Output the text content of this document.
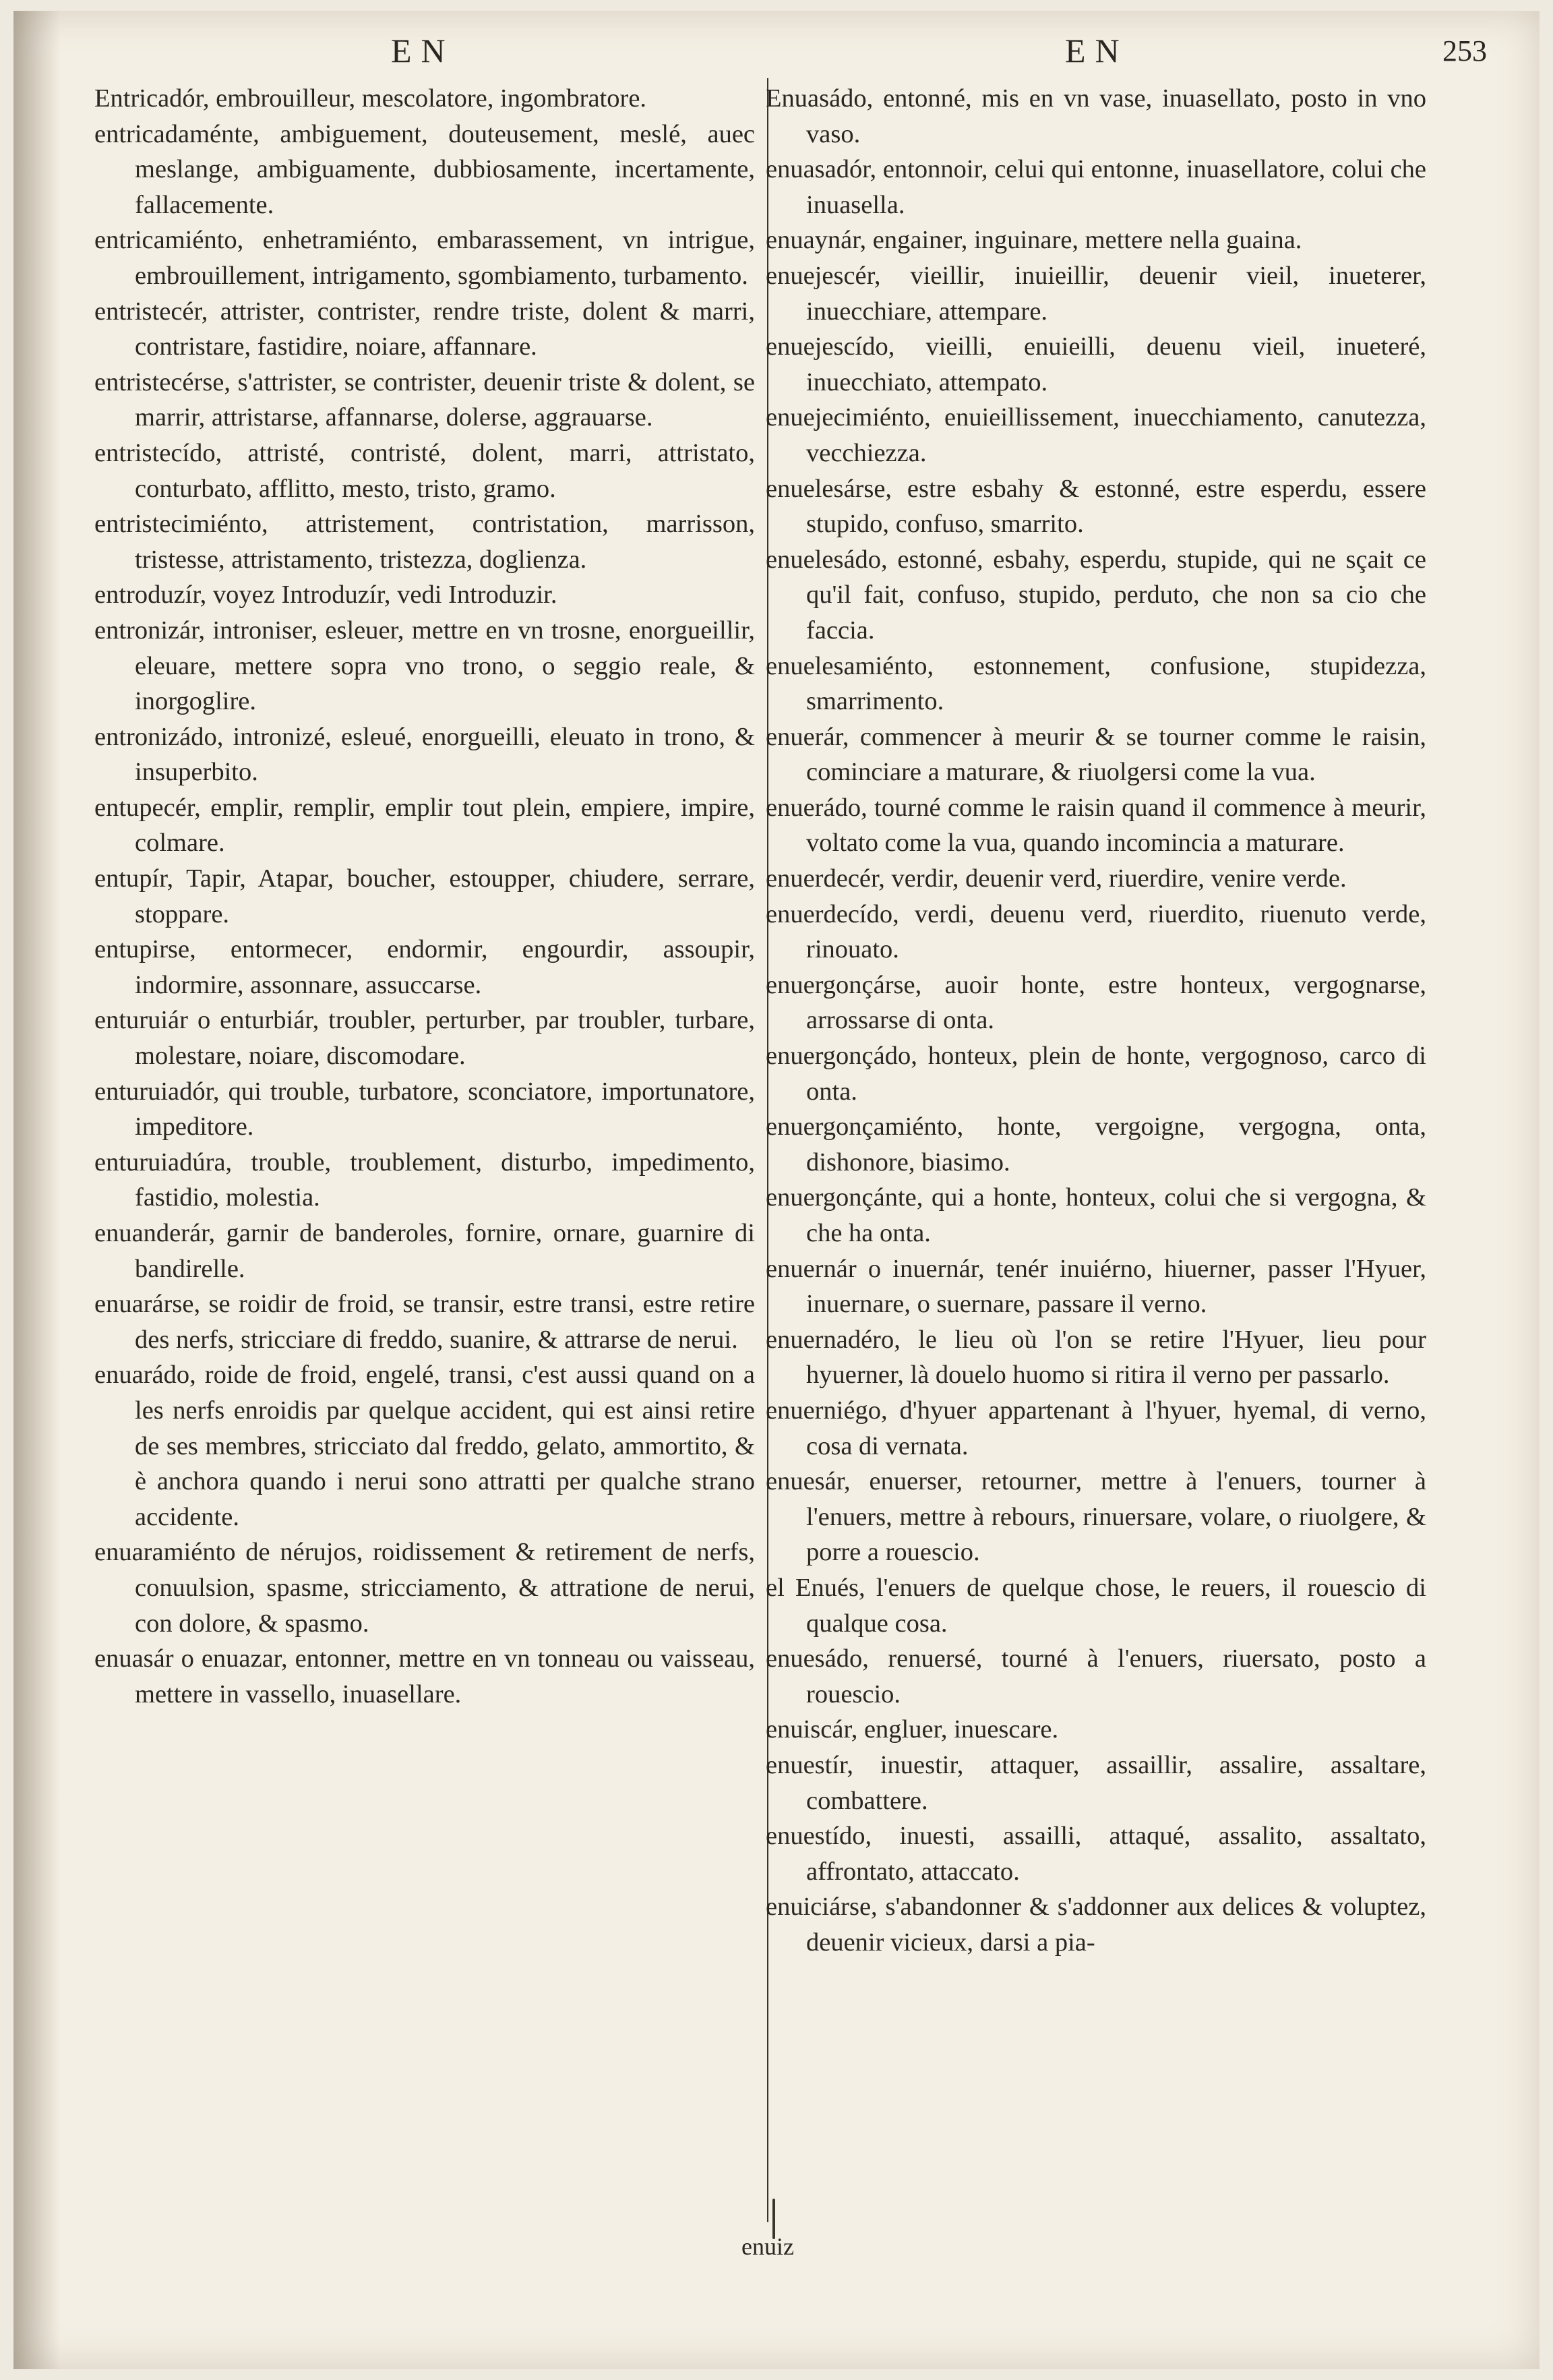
EN	EN	253

Entricadór, embrouilleur, mescolatore, ingombratore.

entricadaménte, ambiguement, douteusement, meslé, auec meslange, ambiguamente, dubbiosamente, incertamente, fallacemente.

entricamiénto, enhetramiénto, embarassement, vn intrigue, embrouillement, intrigamento, sgombiamento, turbamento.

entristecér, attrister, contrister, rendre triste, dolent & marri, contristare, fastidire, noiare, affannare.

entristecérse, s'attrister, se contrister, deuenir triste & dolent, se marrir, attristarse, affannarse, dolerse, aggrauarse.

entristecído, attristé, contristé, dolent, marri, attristato, conturbato, afflitto, mesto, tristo, gramo.

entristecimiénto, attristement, contristation, marrisson, tristesse, attristamento, tristezza, doglienza.

entroduzír, voyez Introduzír, vedi Introduzir.

entronizár, introniser, esleuer, mettre en vn trosne, enorgueillir, eleuare, mettere sopra vno trono, o seggio reale, & inorgoglire.

entronizádo, intronizé, esleué, enorgueilli, eleuato in trono, & insuperbito.

entupecér, emplir, remplir, emplir tout plein, empiere, impire, colmare.

entupír, Tapir, Atapar, boucher, estoupper, chiudere, serrare, stoppare.

entupirse, entormecer, endormir, engourdir, assoupir, indormire, assonnare, assuccarse.

enturuiár o enturbiár, troubler, perturber, par troubler, turbare, molestare, noiare, discomodare.

enturuiadór, qui trouble, turbatore, sconciatore, importunatore, impeditore.

enturuiadúra, trouble, troublement, disturbo, impedimento, fastidio, molestia.

enuanderár, garnir de banderoles, fornire, ornare, guarnire di bandirelle.

enuarárse, se roidir de froid, se transir, estre transi, estre retire des nerfs, stricciare di freddo, suanire, & attrarse de nerui.

enuarádo, roide de froid, engelé, transi, c'est aussi quand on a les nerfs enroidis par quelque accident, qui est ainsi retire de ses membres, stricciato dal freddo, gelato, ammortito, & è anchora quando i nerui sono attratti per qualche strano accidente.

enuaramiénto de nérujos, roidissement & retirement de nerfs, conuulsion, spasme, stricciamento, & attratione de nerui, con dolore, & spasmo.

enuasár o enuazar, entonner, mettre en vn tonneau ou vaisseau, mettere in vassello, inuasellare.

Enuasádo, entonné, mis en vn vase, inuasellato, posto in vno vaso.

enuasadór, entonnoir, celui qui entonne, inuasellatore, colui che inuasella.

enuaynár, engainer, inguinare, mettere nella guaina.

enuejescér, vieillir, inuieillir, deuenir vieil, inueterer, inuecchiare, attempare.

enuejescído, vieilli, enuieilli, deuenu vieil, inueteré, inuecchiato, attempato.

enuejecimiénto, enuieillissement, inuecchiamento, canutezza, vecchiezza.

enuelesárse, estre esbahy & estonné, estre esperdu, essere stupido, confuso, smarrito.

enuelesádo, estonné, esbahy, esperdu, stupide, qui ne sçait ce qu'il fait, confuso, stupido, perduto, che non sa cio che faccia.

enuelesamiénto, estonnement, confusione, stupidezza, smarrimento.

enuerár, commencer à meurir & se tourner comme le raisin, cominciare a maturare, & riuolgersi come la vua.

enuerádo, tourné comme le raisin quand il commence à meurir, voltato come la vua, quando incomincia a maturare.

enuerdecér, verdir, deuenir verd, riuerdire, venire verde.

enuerdecído, verdi, deuenu verd, riuerdito, riuenuto verde, rinouato.

enuergonçárse, auoir honte, estre honteux, vergognarse, arrossarse di onta.

enuergonçádo, honteux, plein de honte, vergognoso, carco di onta.

enuergonçamiénto, honte, vergoigne, vergogna, onta, dishonore, biasimo.

enuergonçánte, qui a honte, honteux, colui che si vergogna, & che ha onta.

enuernár o inuernár, tenér inuiérno, hiuerner, passer l'Hyuer, inuernare, o suernare, passare il verno.

enuernadéro, le lieu où l'on se retire l'Hyuer, lieu pour hyuerner, là douelo huomo si ritira il verno per passarlo.

enuerniégo, d'hyuer appartenant à l'hyuer, hyemal, di verno, cosa di vernata.

enuesár, enuerser, retourner, mettre à l'enuers, tourner à l'enuers, mettre à rebours, rinuersare, volare, o riuolgere, & porre a rouescio.

el Enués, l'enuers de quelque chose, le reuers, il rouescio di qualque cosa.

enuesádo, renuersé, tourné à l'enuers, riuersato, posto a rouescio.

enuiscár, engluer, inuescare.

enuestír, inuestir, attaquer, assaillir, assalire, assaltare, combattere.

enuestído, inuesti, assailli, attaqué, assalito, assaltato, affrontato, attaccato.

enuiciárse, s'abandonner & s'addonner aux delices & voluptez, deuenir vicieux, darsi a pia-

enuiz
